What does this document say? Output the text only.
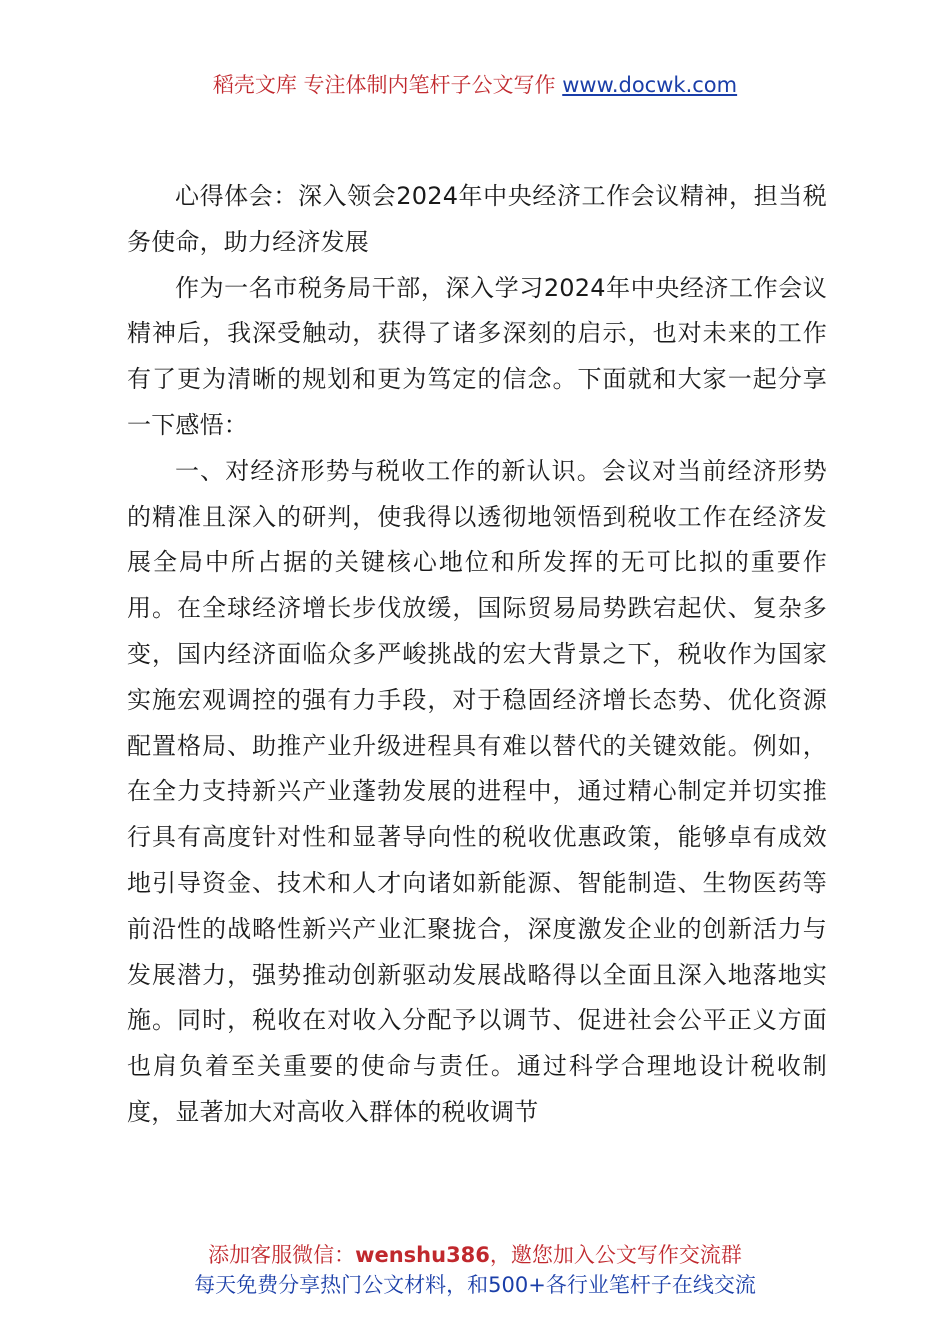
稻壳文库 专注体制内笔杆子公文写作 www.docwk.com

心得体会：深入领会2024年中央经济工作会议精神，担当税务使命，助力经济发展

作为一名市税务局干部，深入学习2024年中央经济工作会议精神后，我深受触动，获得了诸多深刻的启示，也对未来的工作有了更为清晰的规划和更为笃定的信念。下面就和大家一起分享一下感悟：

一、对经济形势与税收工作的新认识。会议对当前经济形势的精准且深入的研判，使我得以透彻地领悟到税收工作在经济发展全局中所占据的关键核心地位和所发挥的无可比拟的重要作用。在全球经济增长步伐放缓，国际贸易局势跌宕起伏、复杂多变，国内经济面临众多严峻挑战的宏大背景之下，税收作为国家实施宏观调控的强有力手段，对于稳固经济增长态势、优化资源配置格局、助推产业升级进程具有难以替代的关键效能。例如，在全力支持新兴产业蓬勃发展的进程中，通过精心制定并切实推行具有高度针对性和显著导向性的税收优惠政策，能够卓有成效地引导资金、技术和人才向诸如新能源、智能制造、生物医药等前沿性的战略性新兴产业汇聚拢合，深度激发企业的创新活力与发展潜力，强势推动创新驱动发展战略得以全面且深入地落地实施。同时，税收在对收入分配予以调节、促进社会公平正义方面也肩负着至关重要的使命与责任。通过科学合理地设计税收制度，显著加大对高收入群体的税收调节

添加客服微信：wenshu386，邀您加入公文写作交流群
每天免费分享热门公文材料，和500+各行业笔杆子在线交流
